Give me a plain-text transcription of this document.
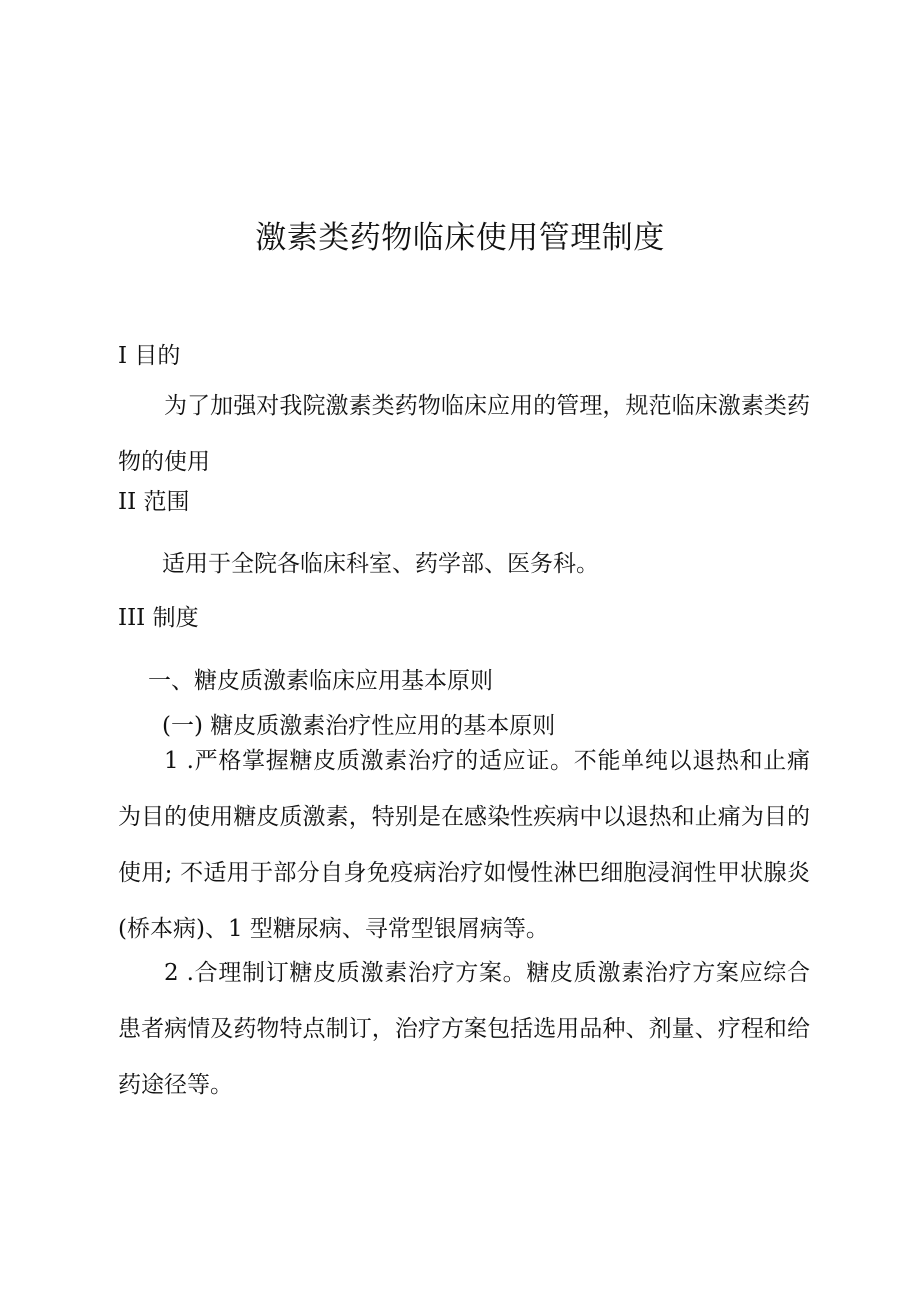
激素类药物临床使用管理制度
I 目的
为了加强对我院激素类药物临床应用的管理，规范临床激素类药物的使用
II 范围
适用于全院各临床科室、药学部、医务科。
III 制度
一、糖皮质激素临床应用基本原则
(一) 糖皮质激素治疗性应用的基本原则
1 .严格掌握糖皮质激素治疗的适应证。不能单纯以退热和止痛为目的使用糖皮质激素，特别是在感染性疾病中以退热和止痛为目的使用; 不适用于部分自身免疫病治疗如慢性淋巴细胞浸润性甲状腺炎(桥本病)、1 型糖尿病、寻常型银屑病等。
2 .合理制订糖皮质激素治疗方案。糖皮质激素治疗方案应综合患者病情及药物特点制订，治疗方案包括选用品种、剂量、疗程和给药途径等。
